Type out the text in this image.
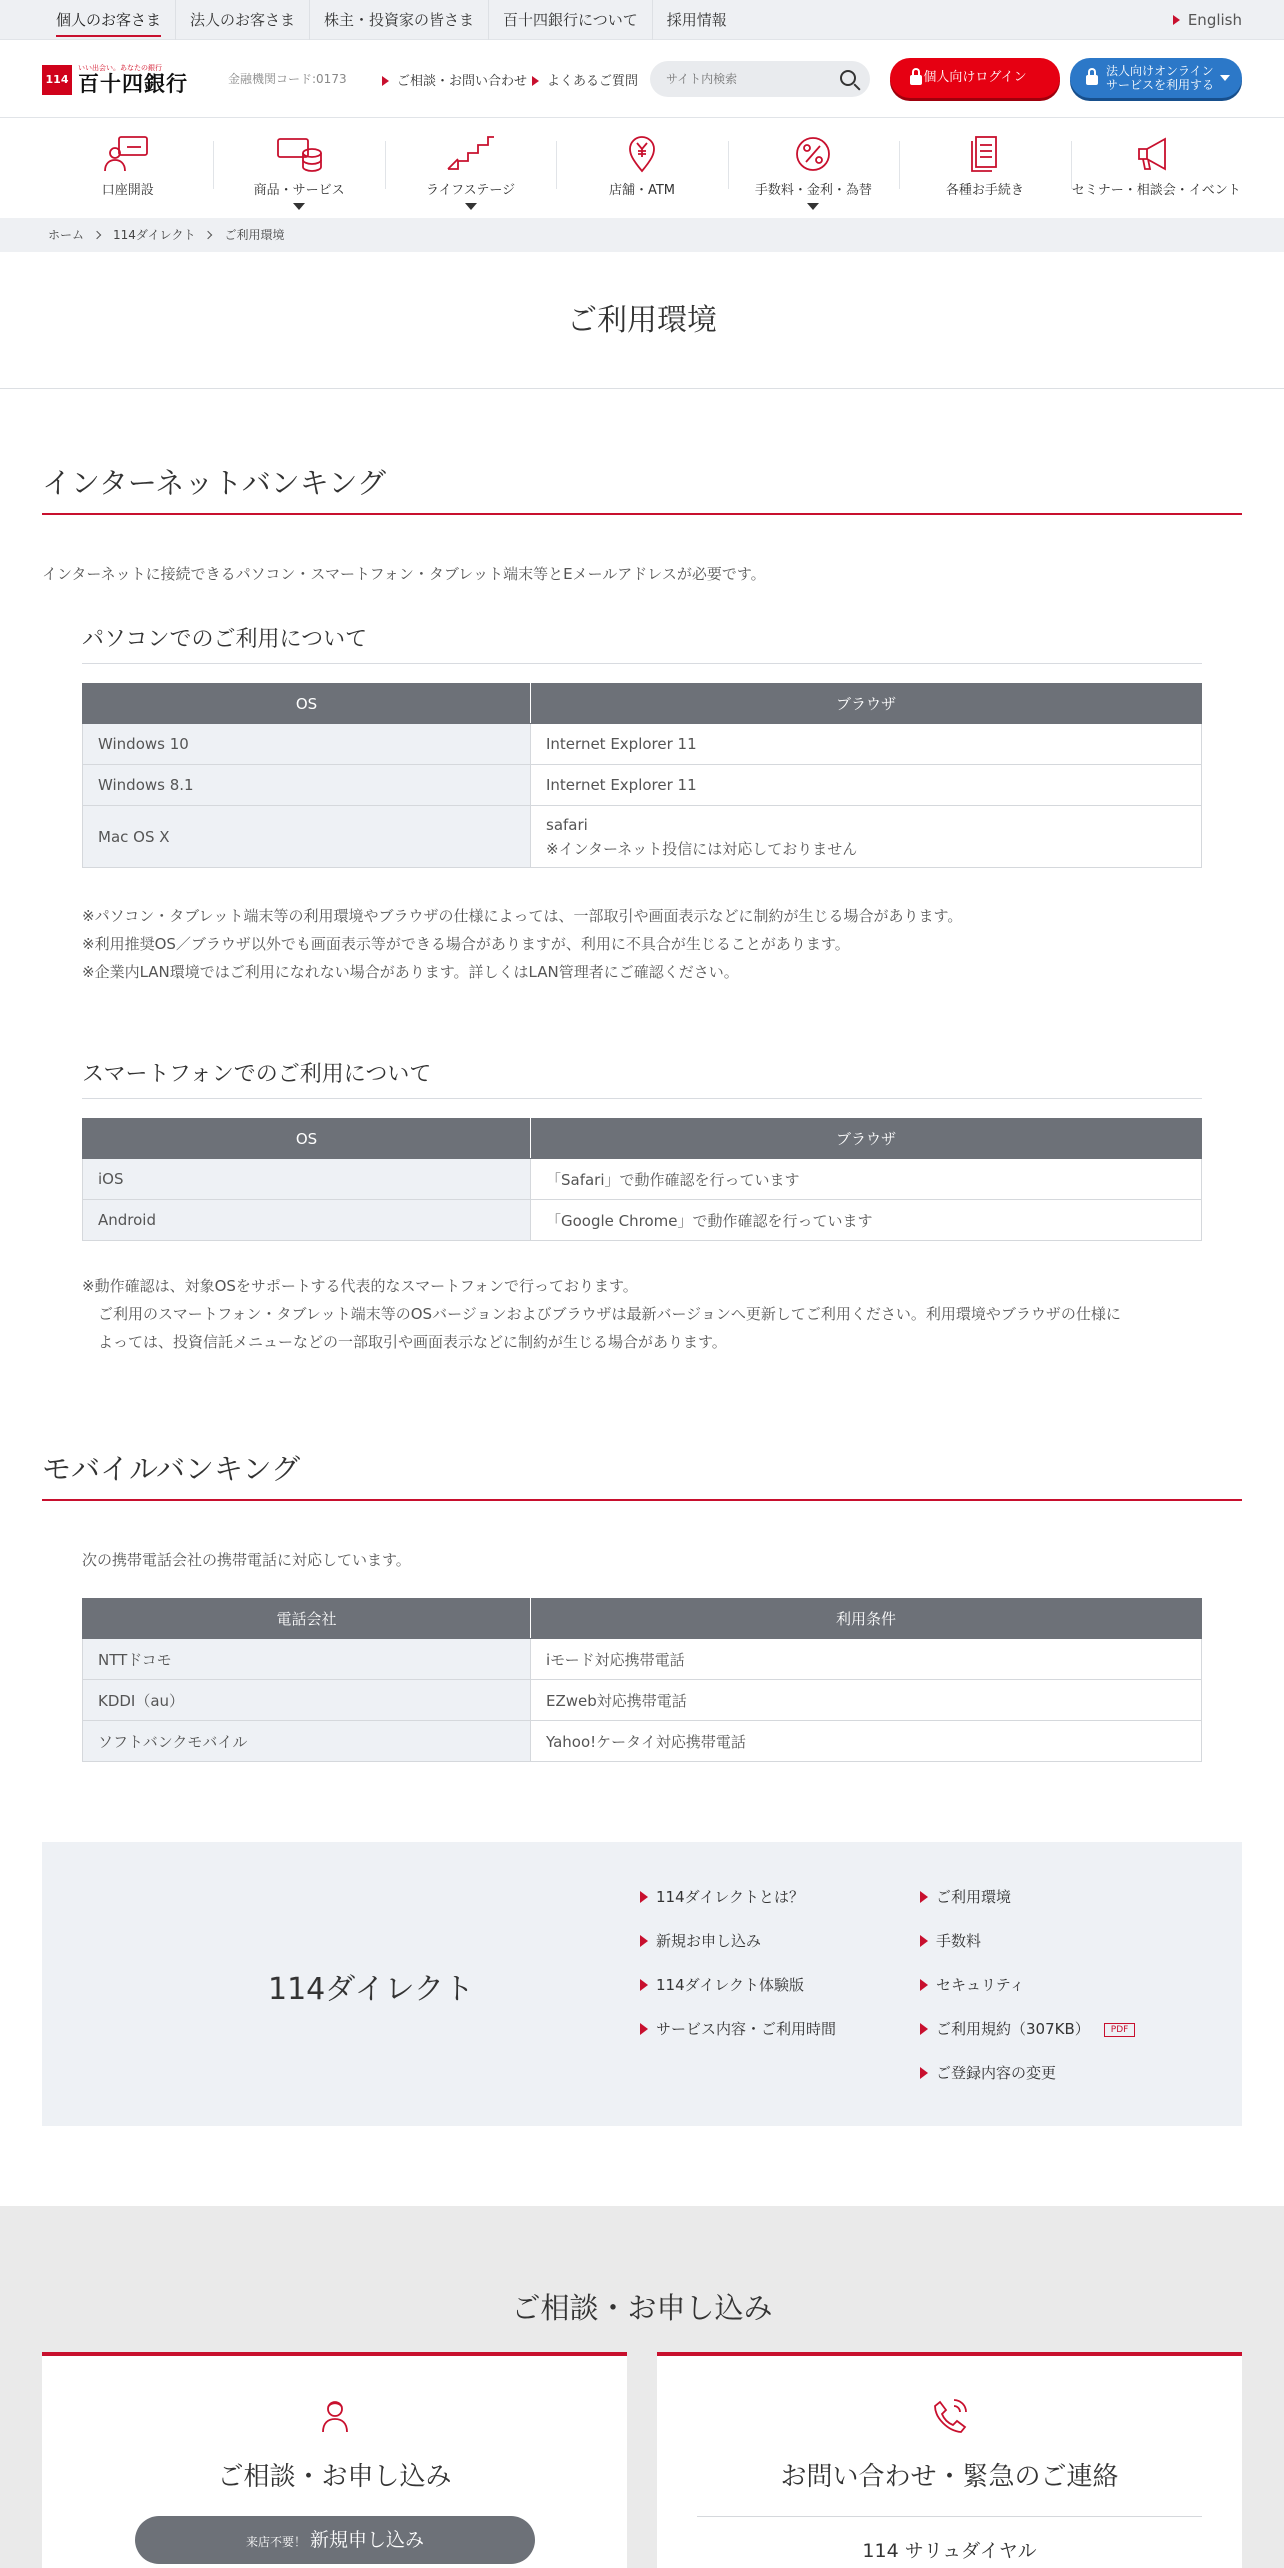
個人のお客さま	法人のお客さま	株主・投資家の皆さま	百十四銀行について	採用情報	English
114
いい出会い。あなたの銀行
百十四銀行	金融機関コード:0173	ご相談・お問い合わせ	よくあるご質問
サイト内検索	個人向けログイン	法人向けオンライン
サービスを利用する
口座開設	商品・サービス	ライフステージ	店舗・ATM	手数料・金利・為替	各種お手続き	セミナー・相談会・イベント
ホーム 114ダイレクト ご利用環境
ご利用環境
インターネットバンキング

インターネットに接続できるパソコン・スマートフォン・タブレット端末等とEメールアドレスが必要です。

パソコンでのご利用について
OS	ブラウザ
Windows 10	Internet Explorer 11
Windows 8.1	Internet Explorer 11
Mac OS X	safari
※インターネット投信には対応しておりません
※パソコン・タブレット端末等の利用環境やブラウザの仕様によっては、一部取引や画面表示などに制約が生じる場合があります。
※利用推奨OS／ブラウザ以外でも画面表示等ができる場合がありますが、利用に不具合が生じることがあります。
※企業内LAN環境ではご利用になれない場合があります。詳しくはLAN管理者にご確認ください。
スマートフォンでのご利用について
OS	ブラウザ
iOS	「Safari」で動作確認を行っています
Android	「Google Chrome」で動作確認を行っています
※動作確認は、対象OSをサポートする代表的なスマートフォンで行っております。
ご利用のスマートフォン・タブレット端末等のOSバージョンおよびブラウザは最新バージョンへ更新してご利用ください。利用環境やブラウザの仕様に
よっては、投資信託メニューなどの一部取引や画面表示などに制約が生じる場合があります。
モバイルバンキング

次の携帯電話会社の携帯電話に対応しています。

電話会社	利用条件
NTTドコモ	iモード対応携帯電話
KDDI（au）	EZweb対応携帯電話
ソフトバンクモバイル	Yahoo!ケータイ対応携帯電話
114ダイレクト
114ダイレクトとは？
新規お申し込み
114ダイレクト体験版
サービス内容・ご利用時間
ご利用環境
手数料
セキュリティ
ご利用規約（307KB） PDF
ご登録内容の変更
ご相談・お申し込み
ご相談・お申し込み
来店不要！ 新規申し込み
お問い合わせ・緊急のご連絡
114 サリュダイヤル
